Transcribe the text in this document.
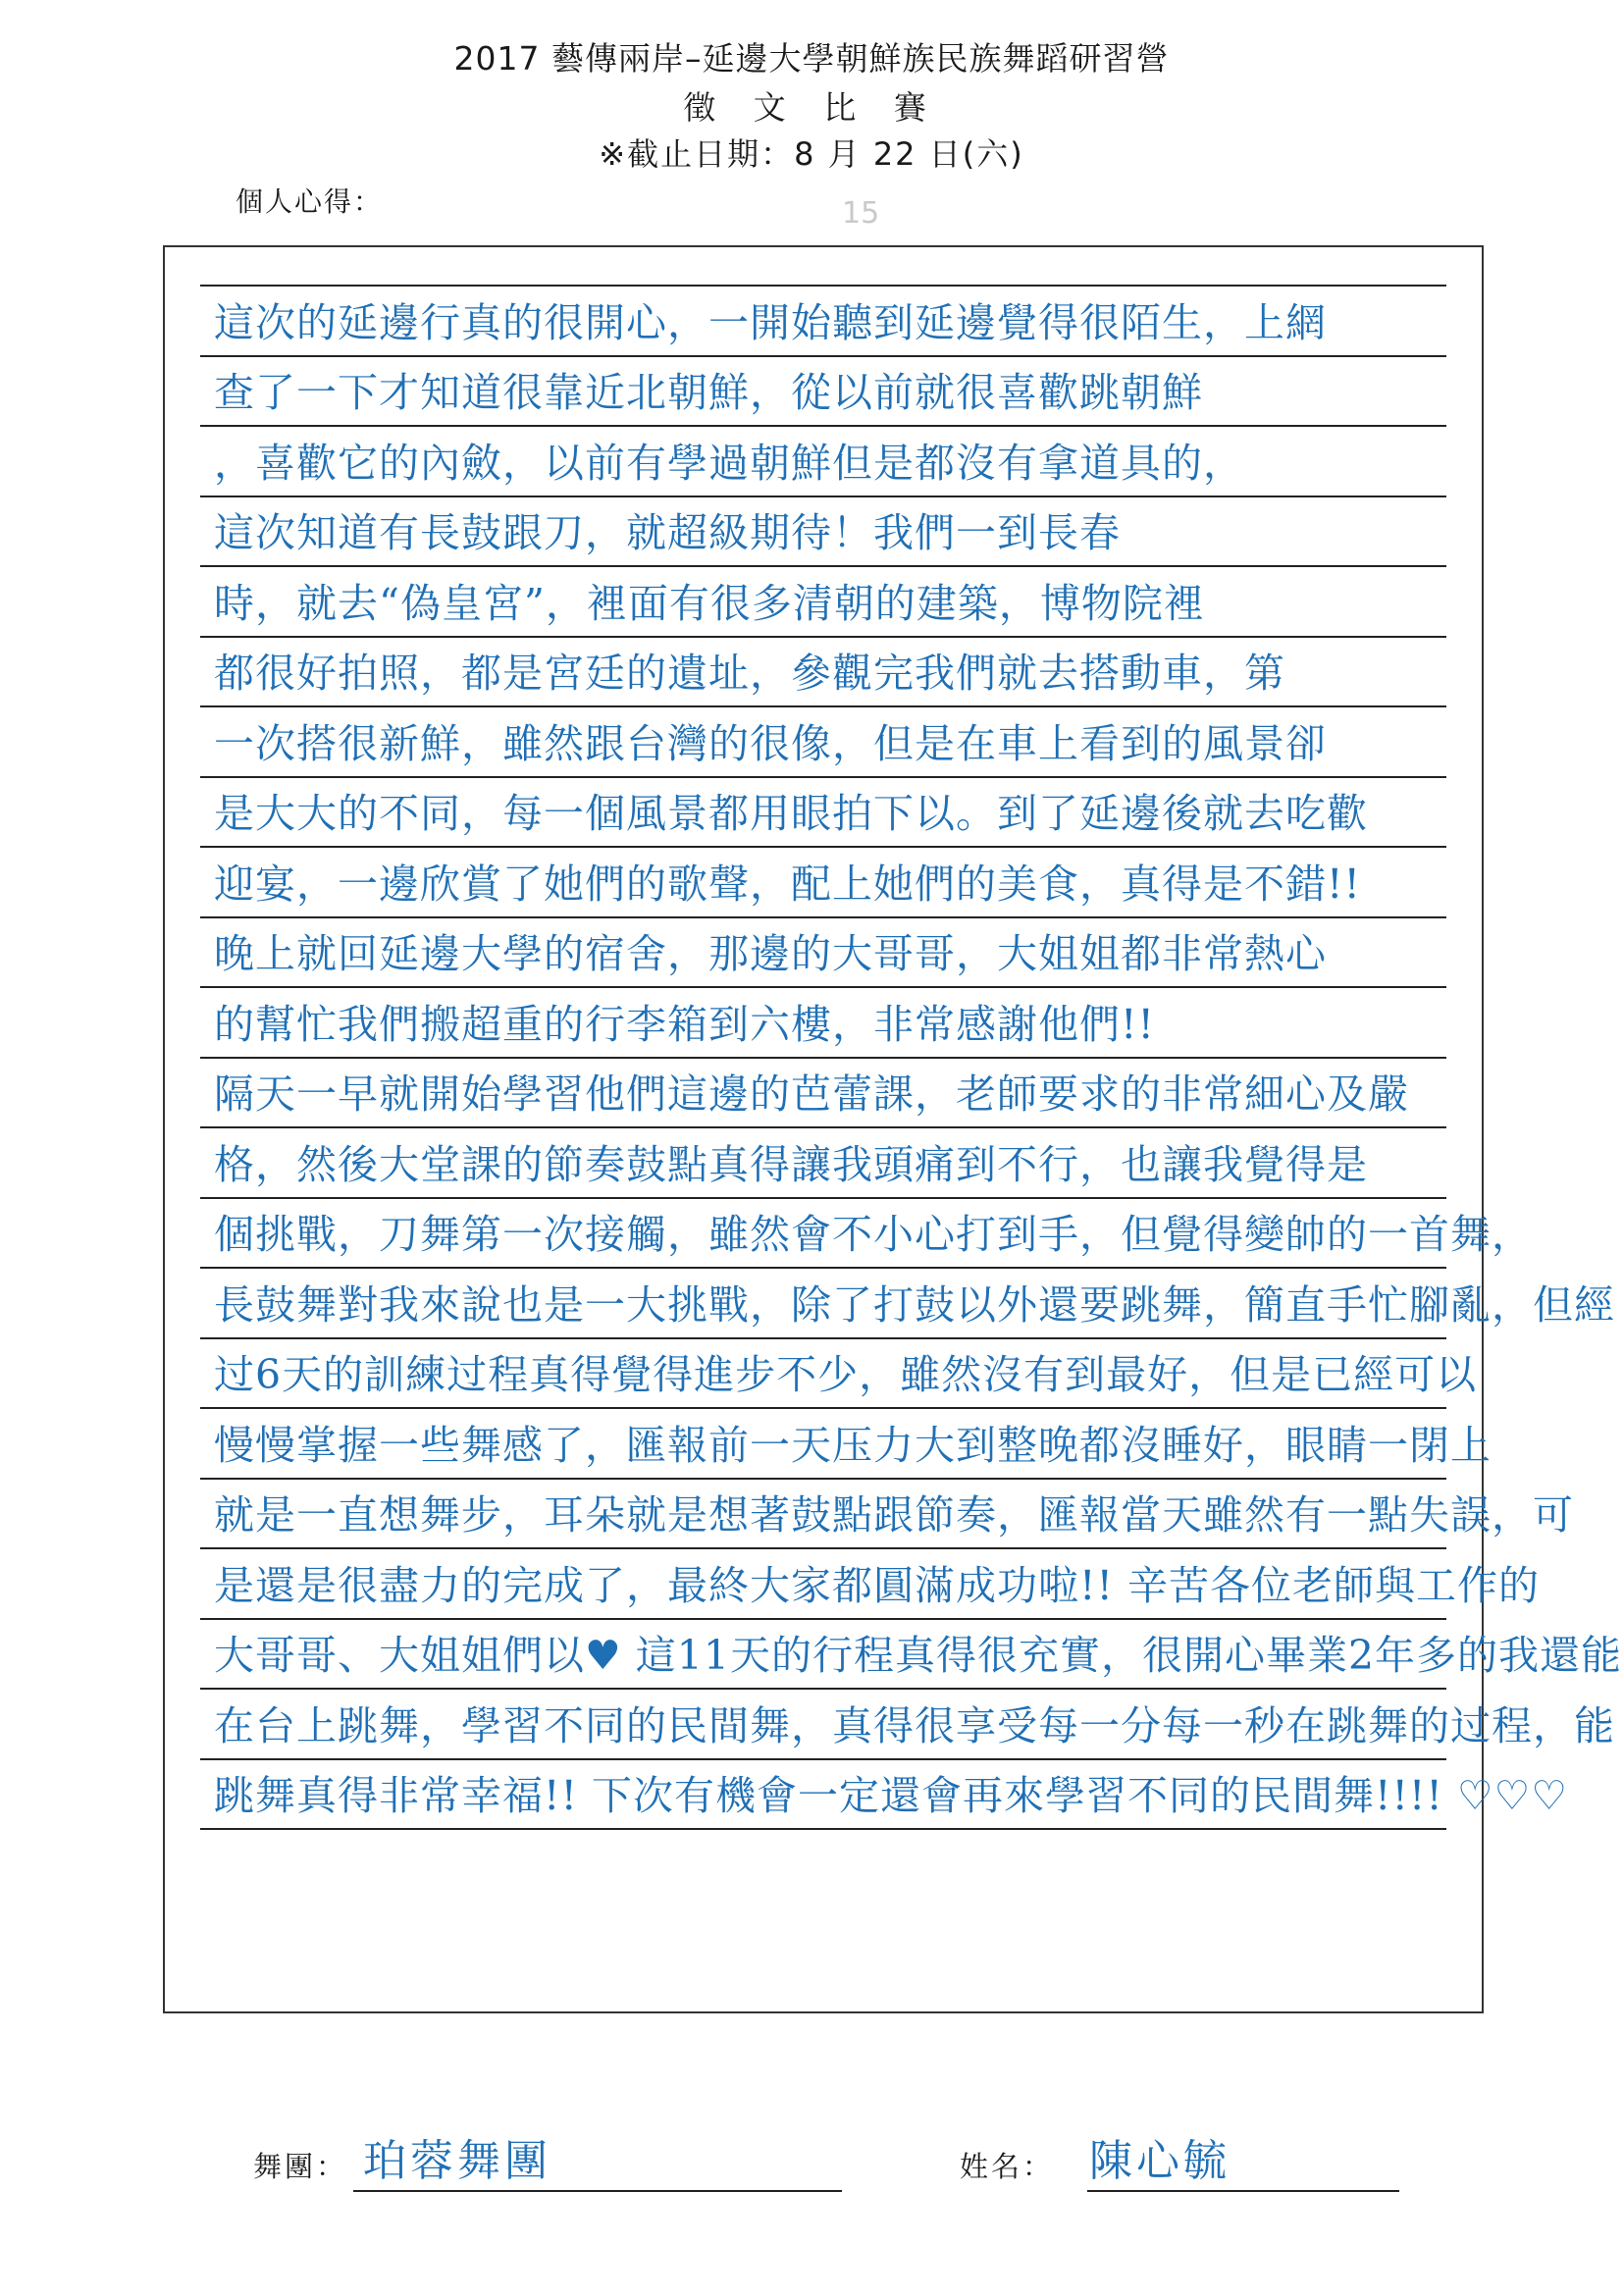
2017 藝傳兩岸–延邊大學朝鮮族民族舞蹈研習營
徵 文 比 賽
※截止日期：8 月 22 日(六)
個人心得：	15
這次的延邊行真的很開心，一開始聽到延邊覺得很陌生，上網
查了一下才知道很靠近北朝鮮，從以前就很喜歡跳朝鮮
，喜歡它的內斂，以前有學過朝鮮但是都沒有拿道具的，
這次知道有長鼓跟刀，就超級期待！我們一到長春
時，就去“偽皇宮”，裡面有很多清朝的建築，博物院裡
都很好拍照，都是宮廷的遺址，參觀完我們就去搭動車，第
一次搭很新鮮，雖然跟台灣的很像，但是在車上看到的風景卻
是大大的不同，每一個風景都用眼拍下以。到了延邊後就去吃歡
迎宴，一邊欣賞了她們的歌聲，配上她們的美食，真得是不錯!!
晚上就回延邊大學的宿舍，那邊的大哥哥，大姐姐都非常熱心
的幫忙我們搬超重的行李箱到六樓，非常感謝他們!!
隔天一早就開始學習他們這邊的芭蕾課，老師要求的非常細心及嚴
格，然後大堂課的節奏鼓點真得讓我頭痛到不行，也讓我覺得是
個挑戰，刀舞第一次接觸，雖然會不小心打到手，但覺得變帥的一首舞，
長鼓舞對我來說也是一大挑戰，除了打鼓以外還要跳舞，簡直手忙腳亂，但經
过6天的訓練过程真得覺得進步不少，雖然沒有到最好，但是已經可以
慢慢掌握一些舞感了，匯報前一天压力大到整晚都沒睡好，眼睛一閉上
就是一直想舞步，耳朵就是想著鼓點跟節奏，匯報當天雖然有一點失誤，可
是還是很盡力的完成了，最終大家都圓滿成功啦!! 辛苦各位老師與工作的
大哥哥、大姐姐們以♥ 這11天的行程真得很充實，很開心畢業2年多的我還能
在台上跳舞，學習不同的民間舞，真得很享受每一分每一秒在跳舞的过程，能
跳舞真得非常幸福!! 下次有機會一定還會再來學習不同的民間舞!!!! ♡♡♡
舞團： 珀蓉舞團	姓名： 陳心毓
